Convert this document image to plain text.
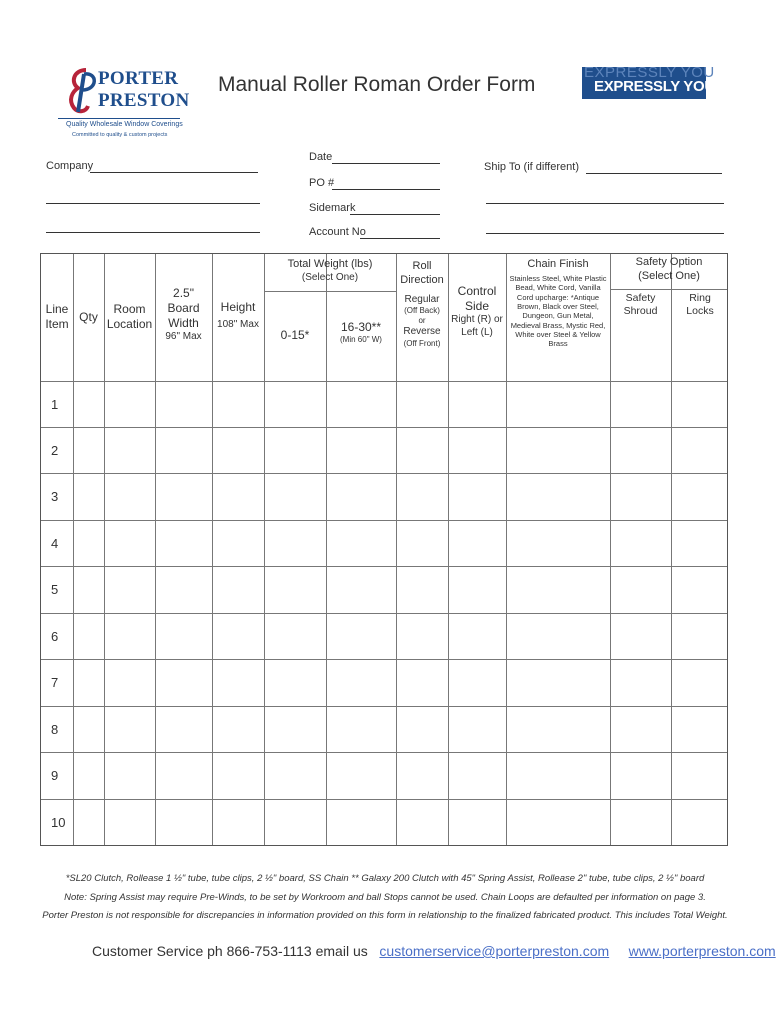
PORTER
PRESTON
Quality Wholesale Window Coverings
Committed to quality & custom projects
Manual Roller Roman Order Form
EXPRESSLY YOU
EXPRESSLY YOURS
Company
Date
PO #
Sidemark
Account No
Ship To (if different)
Line
Item Qty
Room
Location
2.5"
Board
Width
96" Max
Height
108" Max
Total Weight (lbs)
(Select One)
0-15*
16-30**
(Min 60" W)
Roll
Direction
Regular
(Off Back)
or
Reverse
(Off Front)
Control
Side
Right (R) or
Left (L)
Chain Finish
Stainless Steel, White Plastic
Bead, White Cord, Vanilla
Cord upcharge: *Antique
Brown, Black over Steel,
Dungeon, Gun Metal,
Medieval Brass, Mystic Red,
White over Steel & Yellow Brass
Safety Option
(Select One)
Safety
Shroud
Ring
Locks
1
2
3
4
5
6
7
8
9
10
*SL20 Clutch, Rollease 1 ½" tube, tube clips, 2 ½" board, SS Chain ** Galaxy 200 Clutch with 45" Spring Assist, Rollease 2" tube, tube clips, 2 ½" board
Note: Spring Assist may require Pre-Winds, to be set by Workroom and ball Stops cannot be used. Chain Loops are defaulted per information on page 3.
Porter Preston is not responsible for discrepancies in information provided on this form in relationship to the finalized fabricated product. This includes Total Weight.
Customer Service ph 866-753-1113 email us customerservice@porterpreston.com www.porterpreston.com
